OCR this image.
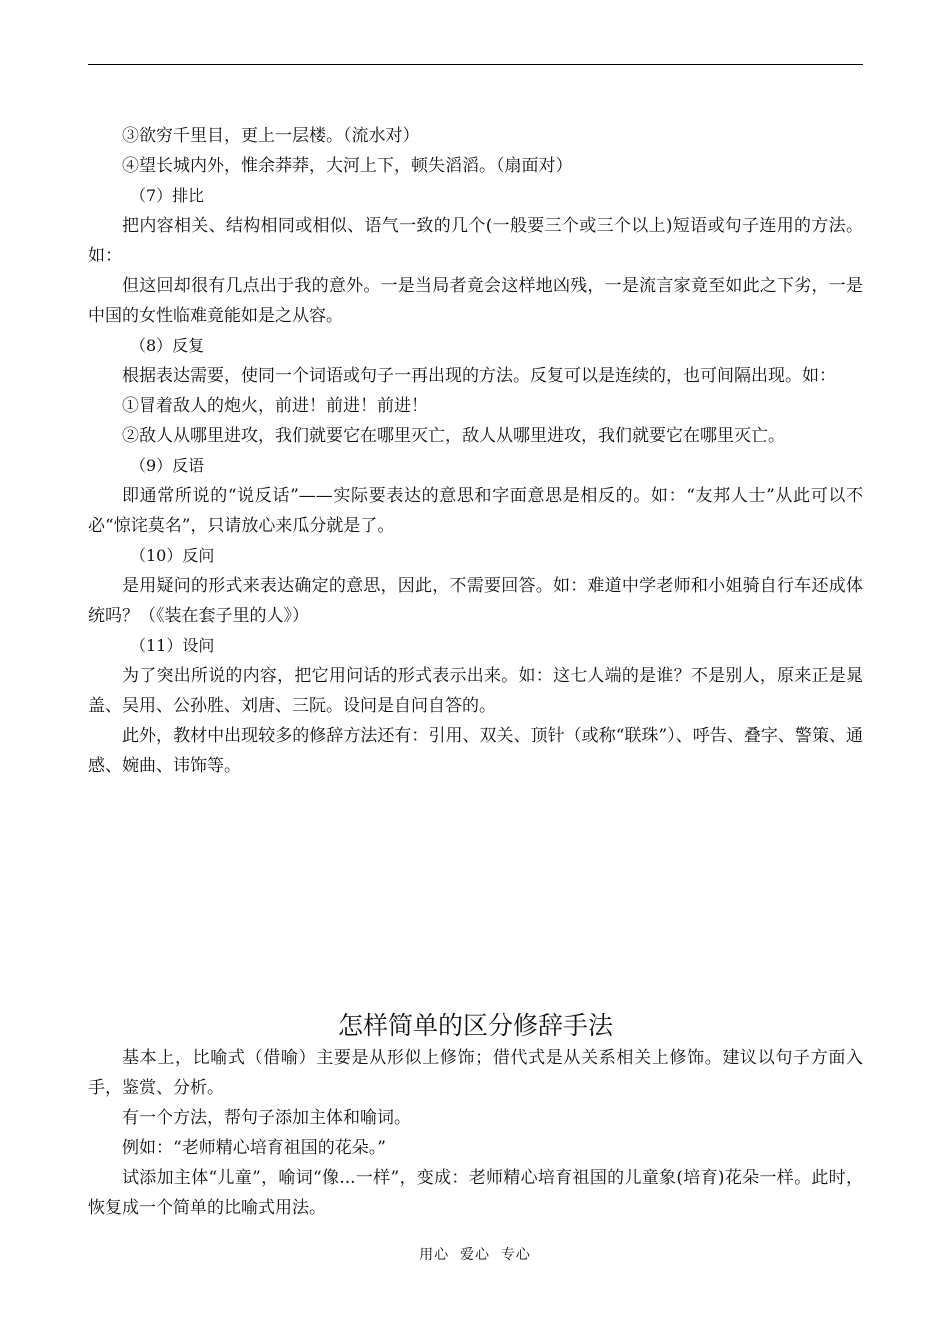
③欲穷千里目，更上一层楼。（流水对）

④望长城内外，惟余莽莽，大河上下，顿失滔滔。（扇面对）

（7）排比

把内容相关、结构相同或相似、语气一致的几个(一般要三个或三个以上)短语或句子连用的方法。如：

但这回却很有几点出于我的意外。一是当局者竟会这样地凶残，一是流言家竟至如此之下劣，一是中国的女性临难竟能如是之从容。

（8）反复

根据表达需要，使同一个词语或句子一再出现的方法。反复可以是连续的，也可间隔出现。如：

①冒着敌人的炮火，前进！前进！前进！

②敌人从哪里进攻，我们就要它在哪里灭亡，敌人从哪里进攻，我们就要它在哪里灭亡。

（9）反语

即通常所说的“说反话”——实际要表达的意思和字面意思是相反的。如：“友邦人士”从此可以不必“惊诧莫名”，只请放心来瓜分就是了。

（10）反问

是用疑问的形式来表达确定的意思，因此，不需要回答。如：难道中学老师和小姐骑自行车还成体统吗？（《装在套子里的人》）

（11）设问

为了突出所说的内容，把它用问话的形式表示出来。如：这七人端的是谁？不是别人，原来正是晁盖、吴用、公孙胜、刘唐、三阮。设问是自问自答的。

此外，教材中出现较多的修辞方法还有：引用、双关、顶针（或称“联珠”）、呼告、叠字、警策、通感、婉曲、讳饰等。

怎样简单的区分修辞手法

基本上，比喻式（借喻）主要是从形似上修饰；借代式是从关系相关上修饰。建议以句子方面入手，鉴赏、分析。

有一个方法，帮句子添加主体和喻词。

例如：“老师精心培育祖国的花朵。”

试添加主体“儿童”，喻词“像...一样”，变成：老师精心培育祖国的儿童象(培育)花朵一样。此时，恢复成一个简单的比喻式用法。

用心  爱心  专心
